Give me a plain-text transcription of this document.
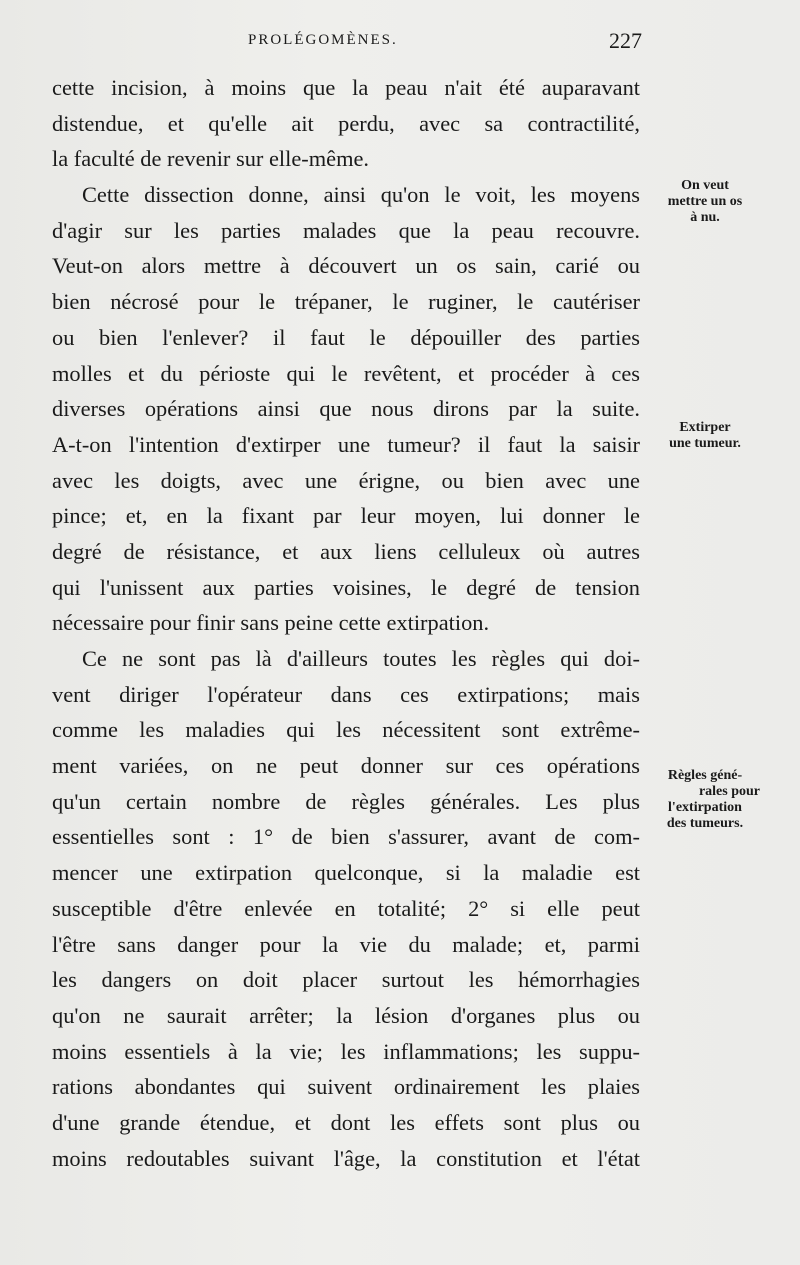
PROLÉGOMÈNES.	227
cette incision, à moins que la peau n'ait été auparavant
distendue, et qu'elle ait perdu, avec sa contractilité,
la faculté de revenir sur elle-même.
Cette dissection donne, ainsi qu'on le voit, les moyens
d'agir sur les parties malades que la peau recouvre.
Veut-on alors mettre à découvert un os sain, carié ou
bien nécrosé pour le trépaner, le ruginer, le cautériser
ou bien l'enlever? il faut le dépouiller des parties
molles et du périoste qui le revêtent, et procéder à ces
diverses opérations ainsi que nous dirons par la suite.
A-t-on l'intention d'extirper une tumeur? il faut la saisir
avec les doigts, avec une érigne, ou bien avec une
pince; et, en la fixant par leur moyen, lui donner le
degré de résistance, et aux liens celluleux où autres
qui l'unissent aux parties voisines, le degré de tension
nécessaire pour finir sans peine cette extirpation.
Ce ne sont pas là d'ailleurs toutes les règles qui doi-
vent diriger l'opérateur dans ces extirpations; mais
comme les maladies qui les nécessitent sont extrême-
ment variées, on ne peut donner sur ces opérations
qu'un certain nombre de règles générales. Les plus
essentielles sont : 1° de bien s'assurer, avant de com-
mencer une extirpation quelconque, si la maladie est
susceptible d'être enlevée en totalité; 2° si elle peut
l'être sans danger pour la vie du malade; et, parmi
les dangers on doit placer surtout les hémorrhagies
qu'on ne saurait arrêter; la lésion d'organes plus ou
moins essentiels à la vie; les inflammations; les suppu-
rations abondantes qui suivent ordinairement les plaies
d'une grande étendue, et dont les effets sont plus ou
moins redoutables suivant l'âge, la constitution et l'état
On veut
mettre un os
à nu.
Extirper
une tumeur.
Règles géné-
rales pour
l'extirpation
des tumeurs.
